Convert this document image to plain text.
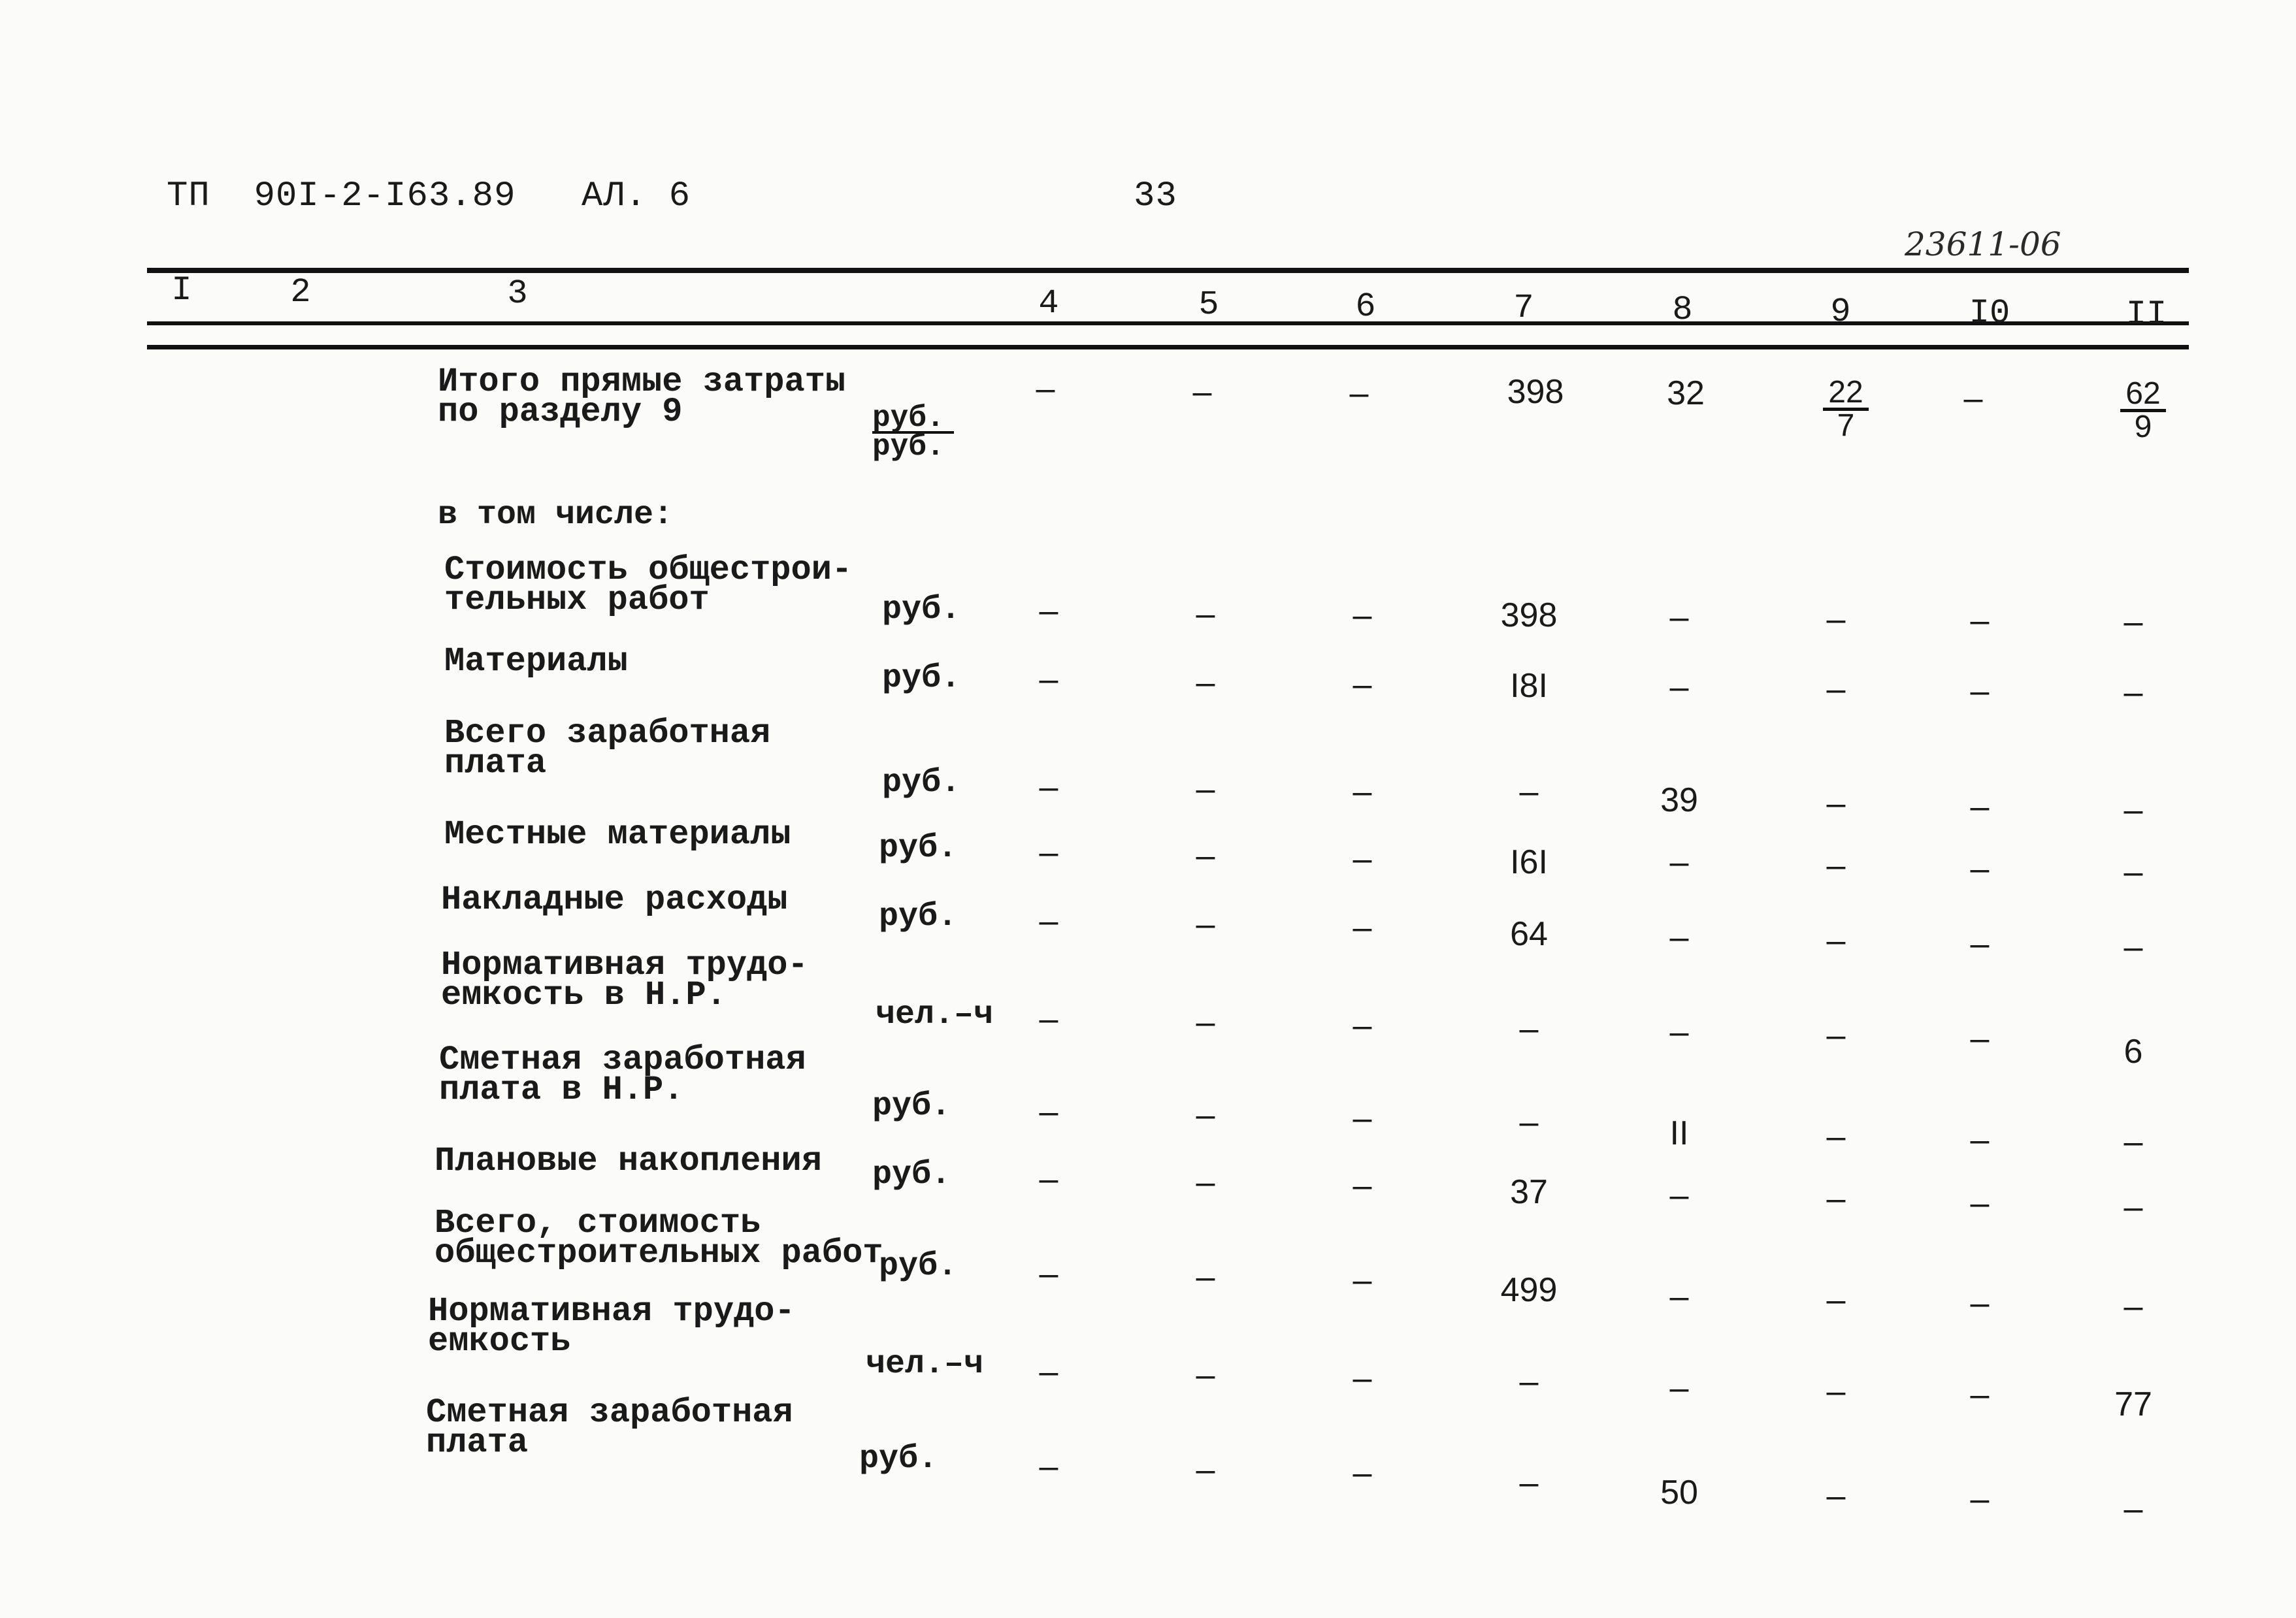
ТП  90I-2-I63.89 АЛ. 6	33
23611-06
I	2	3	4	5	6	7	8	9	I0	II
Итого прямые затраты
по разделу 9	руб.
руб.
–	–	–	398	32	$\frac{22}{7}$	–	$\frac{62}{9}$
в том числе:
Стоимость общестрои-
тельных работ	руб.	–	–	–	398	–	–	–	–
Материалы	руб.	–	–	–	I8I	–	–	–	–
Всего заработная
плата
руб.	–	–	–	–	39	–	–	–
Местные материалы	руб.	–	–	–	I6I	–	–	–	–
Накладные расходы	руб.	–	–	–	64	–	–	–	–
Нормативная трудо-
емкость в Н.Р.
чел.–ч	–	–	–	–	–	–	–	6
Сметная заработная
плата в Н.Р.	руб.	–	–	–	–	II	–	–	–
Плановые накопления руб.	–	–	–	37	–	–	–	–
Всего, стоимость
общестроительных работ
руб.	–	–	–	499	–	–	–	–
Нормативная трудо-
емкость
чел.–ч	–	–	–	–	–	–	–	77
Сметная заработная
плата	руб.	–	–	–	–	50	–	–	–
